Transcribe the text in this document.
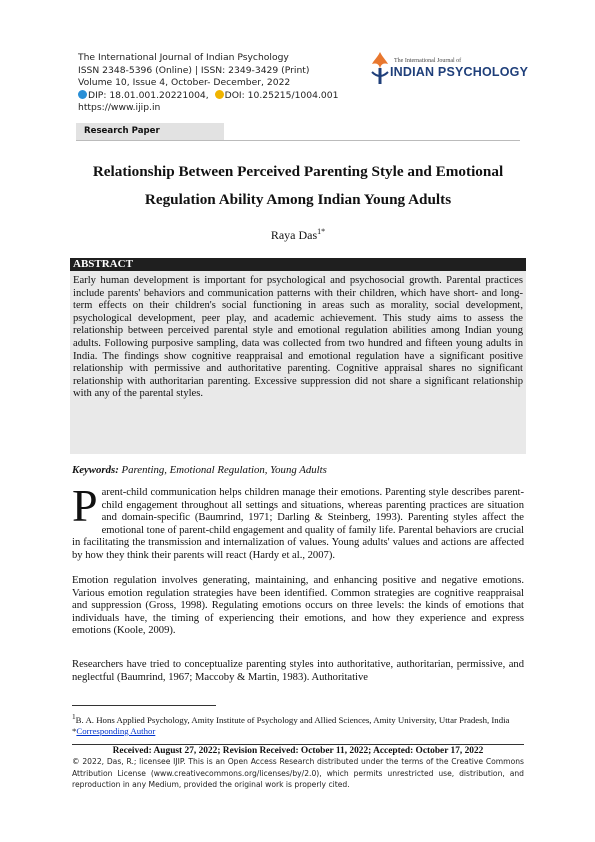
The International Journal of Indian Psychology
ISSN 2348-5396 (Online) | ISSN: 2349-3429 (Print)
Volume 10, Issue 4, October- December, 2022
DIP: 18.01.001.20221004, DOI: 10.25215/1004.001
https://www.ijip.in
The International Journal of
INDIAN PSYCHOLOGY
Research Paper
Relationship Between Perceived Parenting Style and Emotional
Regulation Ability Among Indian Young Adults
Raya Das$^{1*}$
ABSTRACT
Early human development is important for psychological and psychosocial growth. Parental practices include parents' behaviors and communication patterns with their children, which have short- and long-term effects on their children's social functioning in areas such as morality, social development, psychological development, peer play, and academic achievement. This study aims to assess the relationship between perceived parental style and emotional regulation abilities among Indian young adults. Following purposive sampling, data was collected from two hundred and fifteen young adults in India. The findings show cognitive reappraisal and emotional regulation have a significant positive relationship with permissive and authoritative parenting. Cognitive appraisal shares no significant relationship with authoritarian parenting. Excessive suppression did not share a significant relationship with any of the parental styles.
Keywords: Parenting, Emotional Regulation, Young Adults
Parent-child communication helps children manage their emotions. Parenting style describes parent-child engagement throughout all settings and situations, whereas parenting practices are situation and domain-specific (Baumrind, 1971; Darling & Steinberg, 1993). Parenting styles affect the emotional tone of parent-child engagement and quality of family life. Parental behaviors are crucial in facilitating the transmission and internalization of values. Young adults' values and actions are affected by how they think their parents will react (Hardy et al., 2007).
Emotion regulation involves generating, maintaining, and enhancing positive and negative emotions. Various emotion regulation strategies have been identified. Common strategies are cognitive reappraisal and suppression (Gross, 1998). Regulating emotions occurs on three levels: the kinds of emotions that individuals have, the timing of experiencing their emotions, and how they experience and express emotions (Koole, 2009).
Researchers have tried to conceptualize parenting styles into authoritative, authoritarian, permissive, and neglectful (Baumrind, 1967; Maccoby & Martin, 1983). Authoritative
$^1$B. A. Hons Applied Psychology, Amity Institute of Psychology and Allied Sciences, Amity University, Uttar Pradesh, India
*Corresponding Author
Received: August 27, 2022; Revision Received: October 11, 2022; Accepted: October 17, 2022
© 2022, Das, R.; licensee IJIP. This is an Open Access Research distributed under the terms of the Creative Commons Attribution License (www.creativecommons.org/licenses/by/2.0), which permits unrestricted use, distribution, and reproduction in any Medium, provided the original work is properly cited.
